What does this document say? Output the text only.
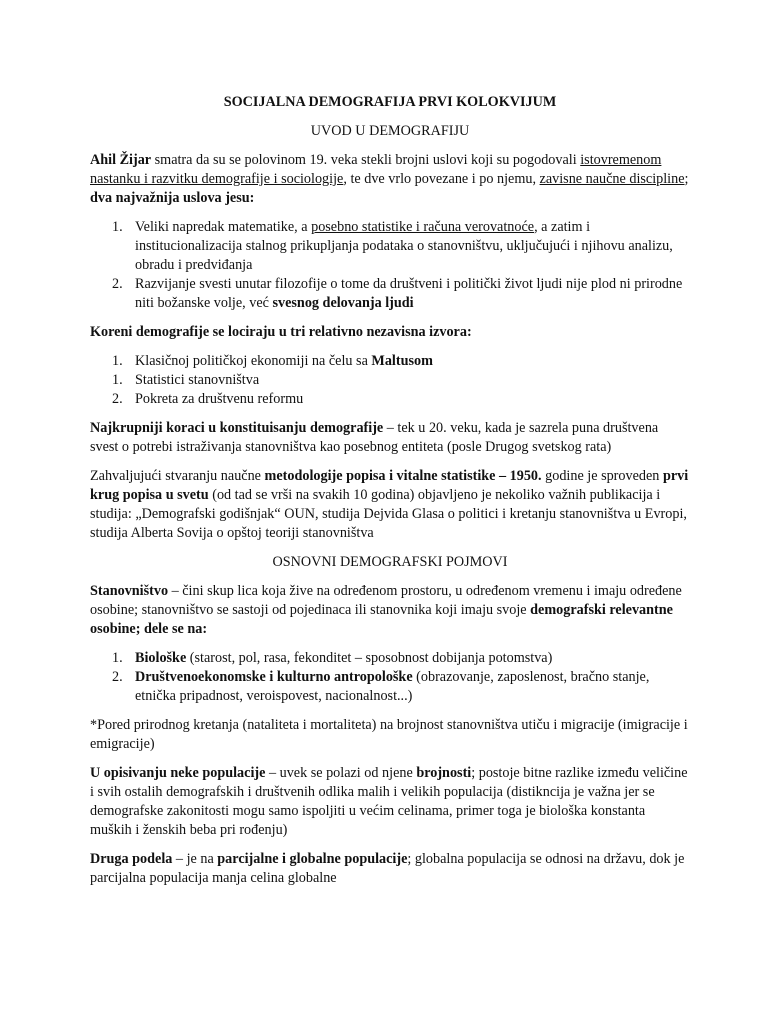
SOCIJALNA DEMOGRAFIJA PRVI KOLOKVIJUM

UVOD U DEMOGRAFIJU

Ahil Žijar smatra da su se polovinom 19. veka stekli brojni uslovi koji su pogodovali istovremenom nastanku i razvitku demografije i sociologije, te dve vrlo povezane i po njemu, zavisne naučne discipline; dva najvažnija uslova jesu:

1. Veliki napredak matematike, a posebno statistike i računa verovatnoće, a zatim i institucionalizacija stalnog prikupljanja podataka o stanovništvu, uključujući i njihovu analizu, obradu i predviđanja
2. Razvijanje svesti unutar filozofije o tome da društveni i politički život ljudi nije plod ni prirodne niti božanske volje, već svesnog delovanja ljudi

Koreni demografije se lociraju u tri relativno nezavisna izvora:

1. Klasičnoj političkoj ekonomiji na čelu sa Maltusom
1. Statistici stanovništva
2. Pokreta za društvenu reformu

Najkrupniji koraci u konstituisanju demografije – tek u 20. veku, kada je sazrela puna društvena svest o potrebi istraživanja stanovništva kao posebnog entiteta (posle Drugog svetskog rata)

Zahvaljujući stvaranju naučne metodologije popisa i vitalne statistike – 1950. godine je sproveden prvi krug popisa u svetu (od tad se vrši na svakih 10 godina) objavljeno je nekoliko važnih publikacija i studija: „Demografski godišnjak“ OUN, studija Dejvida Glasa o politici i kretanju stanovništva u Evropi, studija Alberta Sovija o opštoj teoriji stanovništva

OSNOVNI DEMOGRAFSKI POJMOVI

Stanovništvo – čini skup lica koja žive na određenom prostoru, u određenom vremenu i imaju određene osobine; stanovništvo se sastoji od pojedinaca ili stanovnika koji imaju svoje demografski relevantne osobine; dele se na:

1. Biološke (starost, pol, rasa, fekonditet – sposobnost dobijanja potomstva)
2. Društvenoekonomske i kulturno antropološke (obrazovanje, zaposlenost, bračno stanje, etnička pripadnost, veroispovest, nacionalnost...)

*Pored prirodnog kretanja (nataliteta i mortaliteta) na brojnost stanovništva utiču i migracije (imigracije i emigracije)

U opisivanju neke populacije – uvek se polazi od njene brojnosti; postoje bitne razlike između veličine i svih ostalih demografskih i društvenih odlika malih i velikih populacija (distikncija je važna jer se demografske zakonitosti mogu samo ispoljiti u većim celinama, primer toga je biološka konstanta muških i ženskih beba pri rođenju)

Druga podela – je na parcijalne i globalne populacije; globalna populacija se odnosi na državu, dok je parcijalna populacija manja celina globalne
